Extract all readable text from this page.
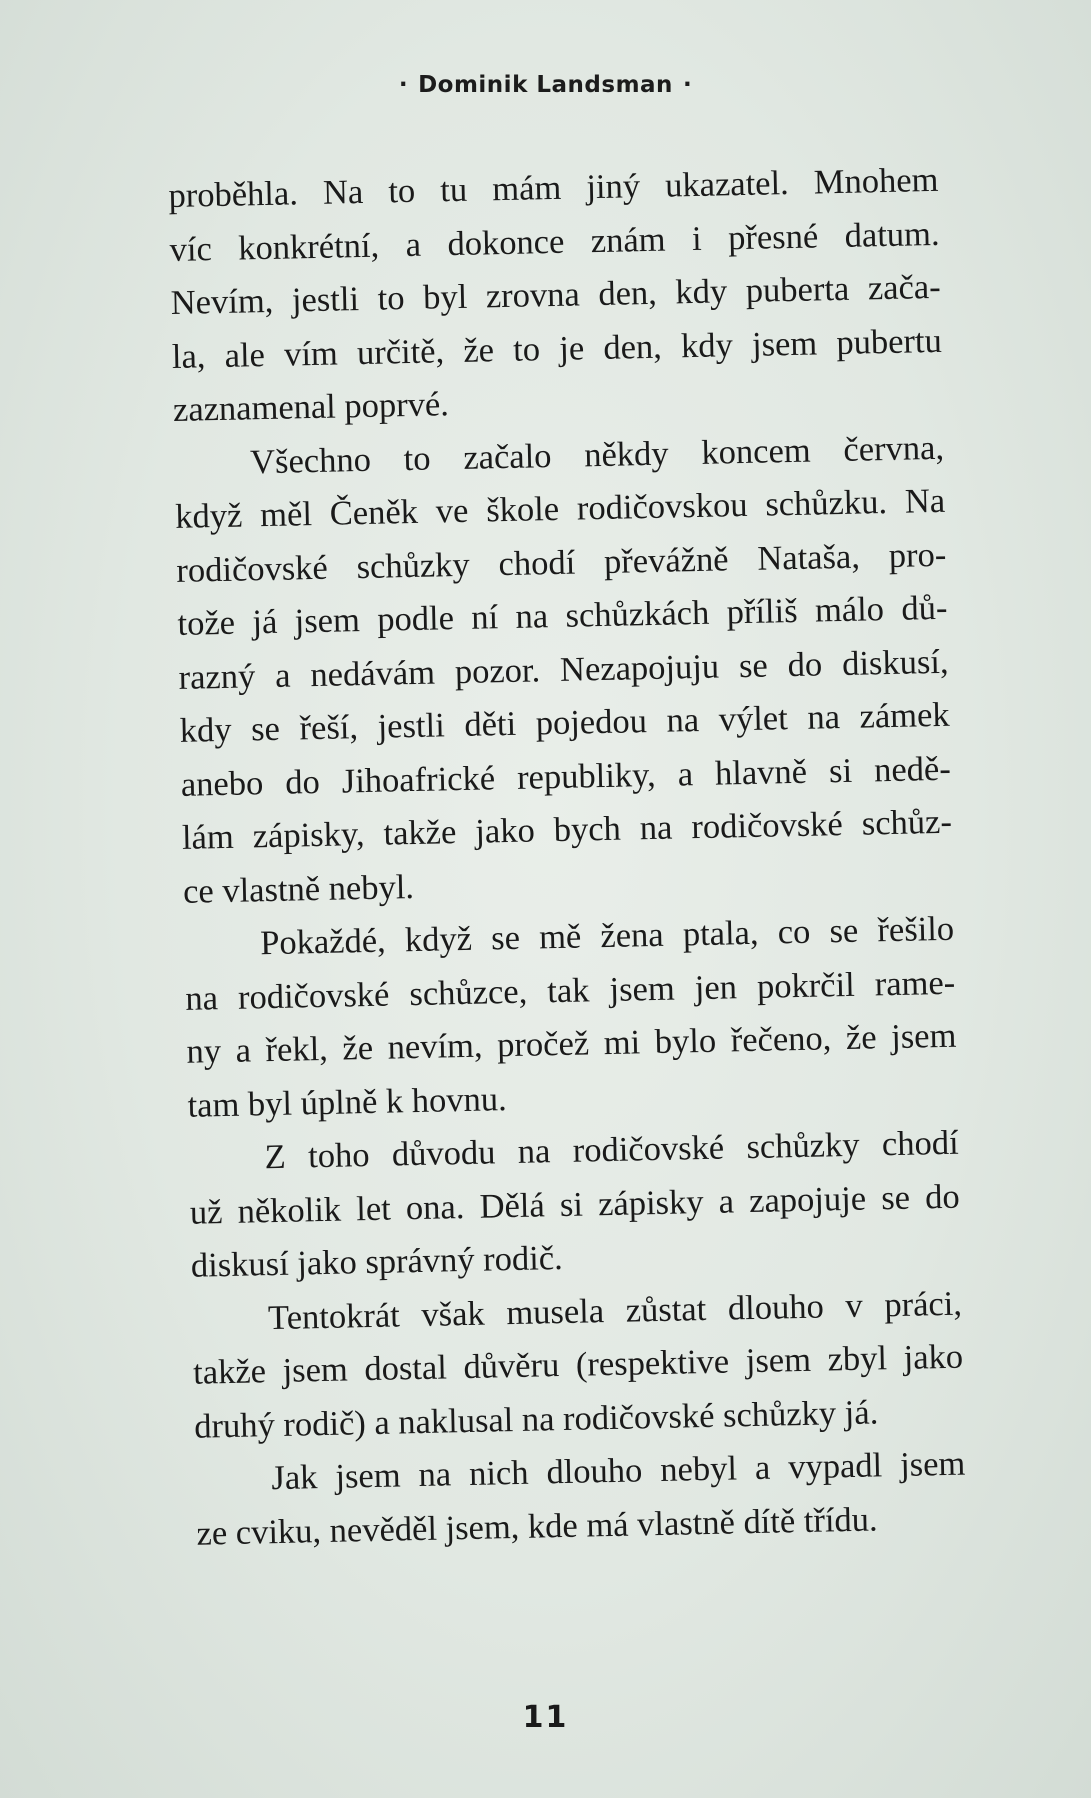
· Dominik Landsman ·
proběhla. Na to tu mám jiný ukazatel. Mnohem
víc konkrétní, a dokonce znám i přesné datum.
Nevím, jestli to byl zrovna den, kdy puberta zača-
la, ale vím určitě, že to je den, kdy jsem pubertu
zaznamenal poprvé.
Všechno to začalo někdy koncem června,
když měl Čeněk ve škole rodičovskou schůzku. Na
rodičovské schůzky chodí převážně Nataša, pro-
tože já jsem podle ní na schůzkách příliš málo dů-
razný a nedávám pozor. Nezapojuju se do diskusí,
kdy se řeší, jestli děti pojedou na výlet na zámek
anebo do Jihoafrické republiky, a hlavně si nedě-
lám zápisky, takže jako bych na rodičovské schůz-
ce vlastně nebyl.
Pokaždé, když se mě žena ptala, co se řešilo
na rodičovské schůzce, tak jsem jen pokrčil rame-
ny a řekl, že nevím, pročež mi bylo řečeno, že jsem
tam byl úplně k hovnu.
Z toho důvodu na rodičovské schůzky chodí
už několik let ona. Dělá si zápisky a zapojuje se do
diskusí jako správný rodič.
Tentokrát však musela zůstat dlouho v práci,
takže jsem dostal důvěru (respektive jsem zbyl jako
druhý rodič) a naklusal na rodičovské schůzky já.
Jak jsem na nich dlouho nebyl a vypadl jsem
ze cviku, nevěděl jsem, kde má vlastně dítě třídu.
11
